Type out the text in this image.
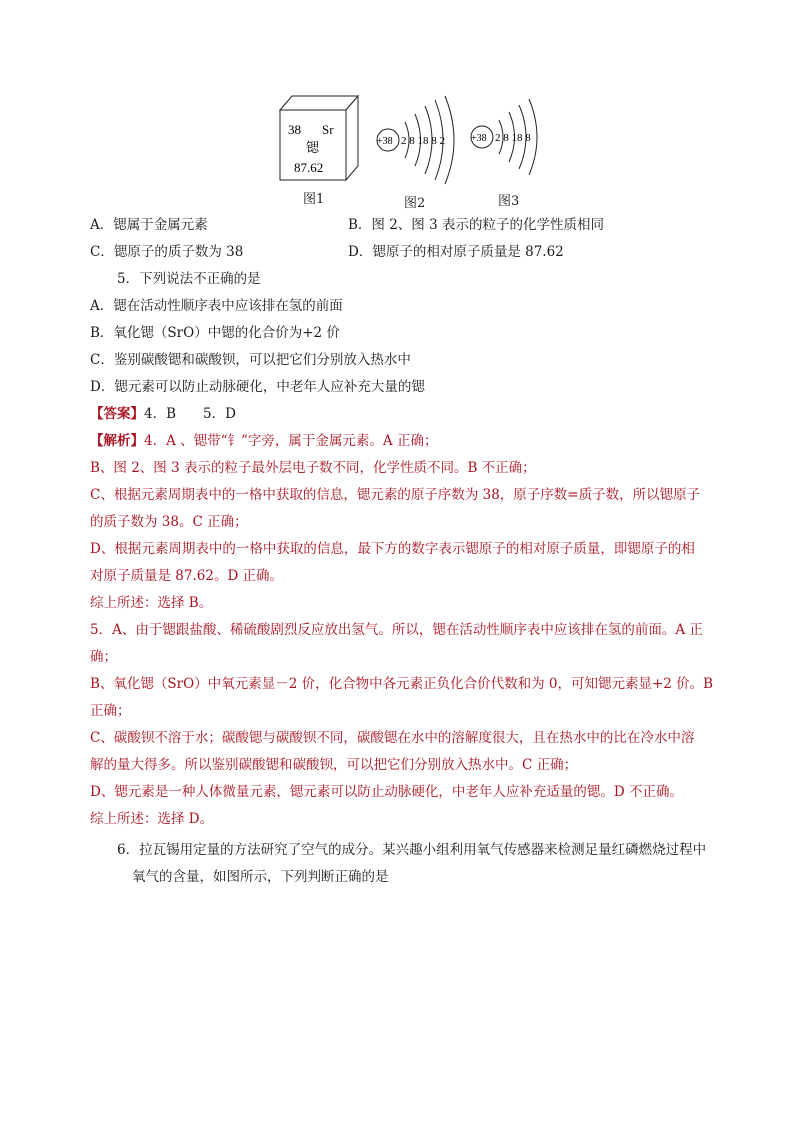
38 Sr
锶
87.62
+38 2 8 18 8 2	+38 2 8 18 8
图1	图2	图3
A．锶属于金属元素	B．图 2、图 3 表示的粒子的化学性质相同
C．锶原子的质子数为 38	D．锶原子的相对原子质量是 87.62
5．下列说法不正确的是
A．锶在活动性顺序表中应该排在氢的前面
B．氧化锶（SrO）中锶的化合价为+2 价
C．鉴别碳酸锶和碳酸钡，可以把它们分别放入热水中
D．锶元素可以防止动脉硬化，中老年人应补充大量的锶
【答案】4．B　　5．D
【解析】4．A 、锶带“钅”字旁，属于金属元素。A 正确；
B、图 2、图 3 表示的粒子最外层电子数不同，化学性质不同。B 不正确；
C、根据元素周期表中的一格中获取的信息，锶元素的原子序数为 38，原子序数=质子数，所以锶原子
的质子数为 38。C 正确；
D、根据元素周期表中的一格中获取的信息，最下方的数字表示锶原子的相对原子质量，即锶原子的相
对原子质量是 87.62。D 正确。
综上所述：选择 B。
5．A、由于锶跟盐酸、稀硫酸剧烈反应放出氢气。所以，锶在活动性顺序表中应该排在氢的前面。A 正
确；
B、氧化锶（SrO）中氧元素显－2 价，化合物中各元素正负化合价代数和为 0，可知锶元素显+2 价。B
正确；
C、碳酸钡不溶于水；碳酸锶与碳酸钡不同，碳酸锶在水中的溶解度很大，且在热水中的比在冷水中溶
解的量大得多。所以鉴别碳酸锶和碳酸钡，可以把它们分别放入热水中。C 正确；
D、锶元素是一种人体微量元素，锶元素可以防止动脉硬化，中老年人应补充适量的锶。D 不正确。
综上所述：选择 D。
6．拉瓦锡用定量的方法研究了空气的成分。某兴趣小组利用氧气传感器来检测足量红磷燃烧过程中
氧气的含量，如图所示，下列判断正确的是
